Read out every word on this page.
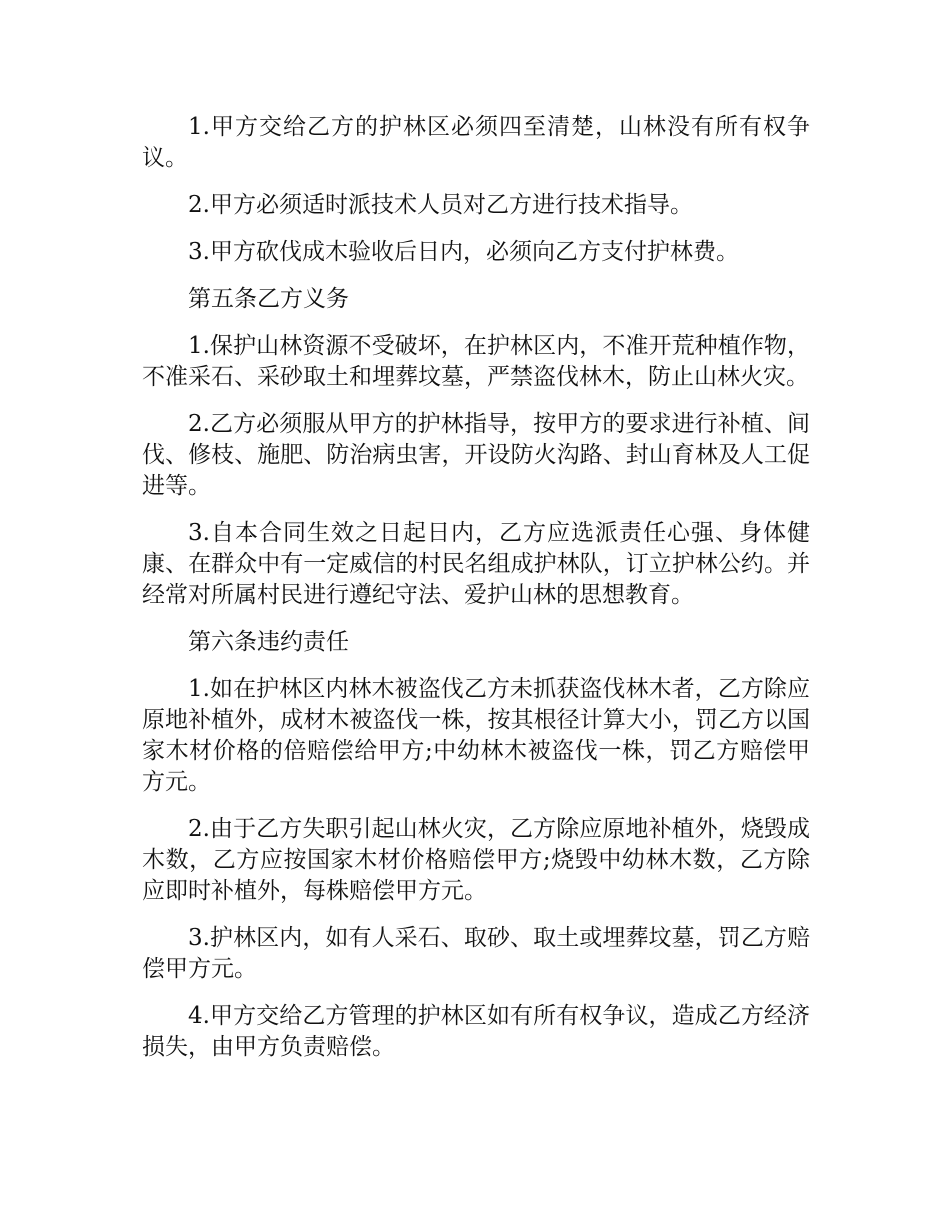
1.甲方交给乙方的护林区必须四至清楚，山林没有所有权争议。

2.甲方必须适时派技术人员对乙方进行技术指导。

3.甲方砍伐成木验收后日内，必须向乙方支付护林费。

第五条乙方义务

1.保护山林资源不受破坏，在护林区内，不准开荒种植作物，不准采石、采砂取土和埋葬坟墓，严禁盗伐林木，防止山林火灾。

2.乙方必须服从甲方的护林指导，按甲方的要求进行补植、间伐、修枝、施肥、防治病虫害，开设防火沟路、封山育林及人工促进等。

3.自本合同生效之日起日内，乙方应选派责任心强、身体健康、在群众中有一定威信的村民名组成护林队，订立护林公约。并经常对所属村民进行遵纪守法、爱护山林的思想教育。

第六条违约责任

1.如在护林区内林木被盗伐乙方未抓获盗伐林木者，乙方除应原地补植外，成材木被盗伐一株，按其根径计算大小，罚乙方以国家木材价格的倍赔偿给甲方;中幼林木被盗伐一株，罚乙方赔偿甲方元。

2.由于乙方失职引起山林火灾，乙方除应原地补植外，烧毁成木数，乙方应按国家木材价格赔偿甲方;烧毁中幼林木数，乙方除应即时补植外，每株赔偿甲方元。

3.护林区内，如有人采石、取砂、取土或埋葬坟墓，罚乙方赔偿甲方元。

4.甲方交给乙方管理的护林区如有所有权争议，造成乙方经济损失，由甲方负责赔偿。
